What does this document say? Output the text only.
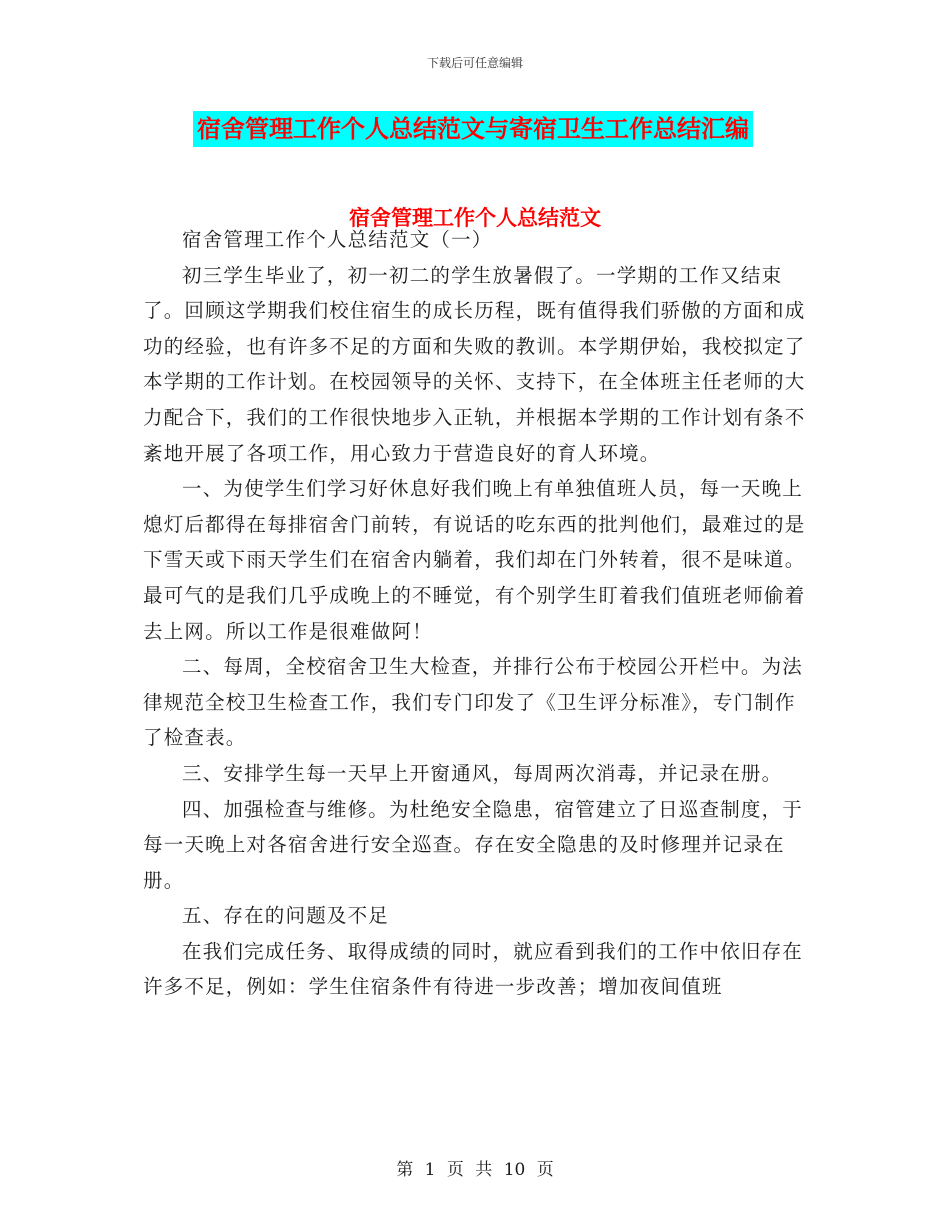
下载后可任意编辑
宿舍管理工作个人总结范文与寄宿卫生工作总结汇编
宿舍管理工作个人总结范文

宿舍管理工作个人总结范文（一）

初三学生毕业了，初一初二的学生放暑假了。一学期的工作又结束了。回顾这学期我们校住宿生的成长历程，既有值得我们骄傲的方面和成功的经验，也有许多不足的方面和失败的教训。本学期伊始，我校拟定了本学期的工作计划。在校园领导的关怀、支持下，在全体班主任老师的大力配合下，我们的工作很快地步入正轨，并根据本学期的工作计划有条不紊地开展了各项工作，用心致力于营造良好的育人环境。

一、为使学生们学习好休息好我们晚上有单独值班人员，每一天晚上熄灯后都得在每排宿舍门前转，有说话的吃东西的批判他们，最难过的是下雪天或下雨天学生们在宿舍内躺着，我们却在门外转着，很不是味道。最可气的是我们几乎成晚上的不睡觉，有个别学生盯着我们值班老师偷着去上网。所以工作是很难做阿！

二、每周，全校宿舍卫生大检查，并排行公布于校园公开栏中。为法律规范全校卫生检查工作，我们专门印发了《卫生评分标准》，专门制作了检查表。

三、安排学生每一天早上开窗通风，每周两次消毒，并记录在册。

四、加强检查与维修。为杜绝安全隐患，宿管建立了日巡查制度，于每一天晚上对各宿舍进行安全巡查。存在安全隐患的及时修理并记录在册。

五、存在的问题及不足

在我们完成任务、取得成绩的同时，就应看到我们的工作中依旧存在许多不足，例如：学生住宿条件有待进一步改善；增加夜间值班

第 1 页 共 10 页
